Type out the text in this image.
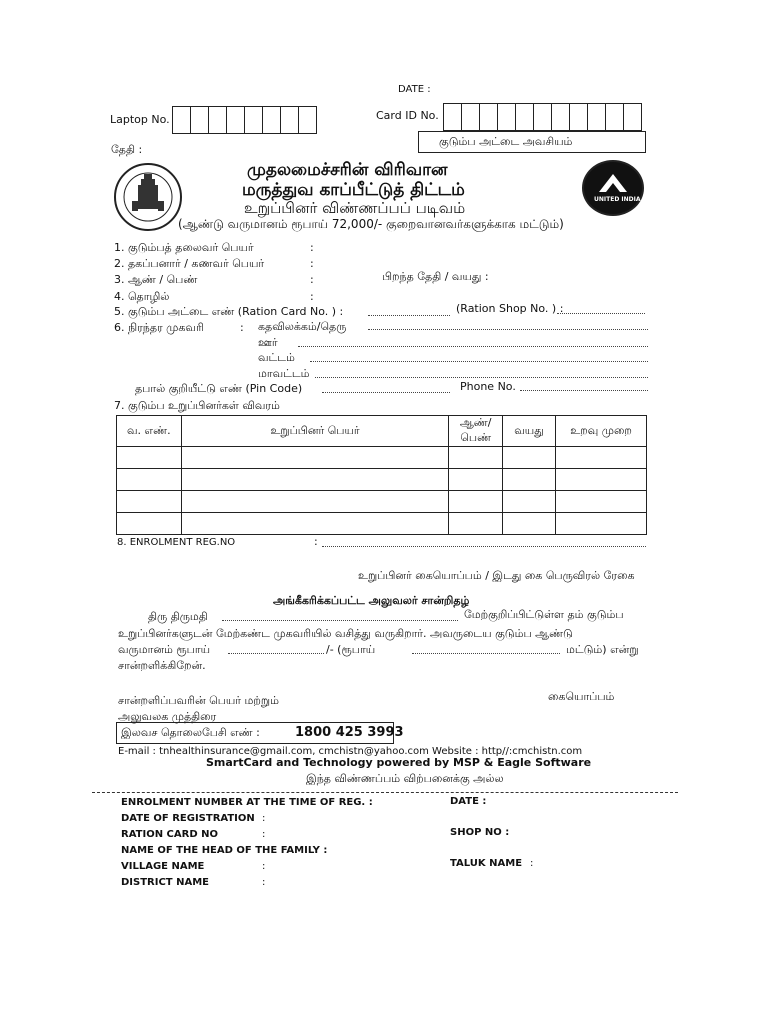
DATE :
Laptop No.	Card ID No.
தேதி :
குடும்ப அட்டை அவசியம்
முதலமைச்சரின் விரிவான
மருத்துவ காப்பீட்டுத் திட்டம்
உறுப்பினர் விண்ணப்பப் படிவம்
(ஆண்டு வருமானம் ரூபாய் 72,000/- குறைவானவர்களுக்காக மட்டும்)
UNITED INDIA
1. குடும்பத் தலைவர் பெயர்	:
2. தகப்பனார் / கணவர் பெயர்	:
3. ஆண் / பெண்	:	பிறந்த தேதி / வயது :
4. தொழில்	:
5. குடும்ப அட்டை எண் (Ration Card No. ) :	(Ration Shop No. ) :
6. நிரந்தர முகவரி	: கதவிலக்கம்/தெரு
ஊர்
வட்டம்
மாவட்டம்
தபால் குறியீட்டு எண் (Pin Code)	Phone No.
7. குடும்ப உறுப்பினர்கள் விவரம்
வ. எண்.	உறுப்பினர் பெயர்	ஆண்/பெண்	வயது	உறவு முறை

8. ENROLMENT REG.NO	:
உறுப்பினர் கையொப்பம் / இடது கை பெருவிரல் ரேகை
அங்கீகரிக்கப்பட்ட அலுவலர் சான்றிதழ்
திரு திருமதி	மேற்குறிப்பிட்டுள்ள தம் குடும்ப
உறுப்பினர்களுடன் மேற்கண்ட முகவரியில் வசித்து வருகிறார். அவருடைய குடும்ப ஆண்டு
வருமானம் ரூபாய்	/- (ரூபாய்	மட்டும்) என்று
சான்றளிக்கிறேன்.
சான்றளிப்பவரின் பெயர் மற்றும்
அலுவலக முத்திரை
கையொப்பம்
இலவச தொலைபேசி எண் :	1800 425 3993
E-mail : tnhealthinsurance@gmail.com, cmchistn@yahoo.com Website : http//:cmchistn.com
SmartCard and Technology powered by MSP & Eagle Software
இந்த விண்ணப்பம் விற்பனைக்கு அல்ல
ENROLMENT NUMBER AT THE TIME OF REG. :	DATE :
DATE OF REGISTRATION :
RATION CARD NO	:	SHOP NO :
NAME OF THE HEAD OF THE FAMILY :
VILLAGE NAME	:	TALUK NAME :
DISTRICT NAME	:
